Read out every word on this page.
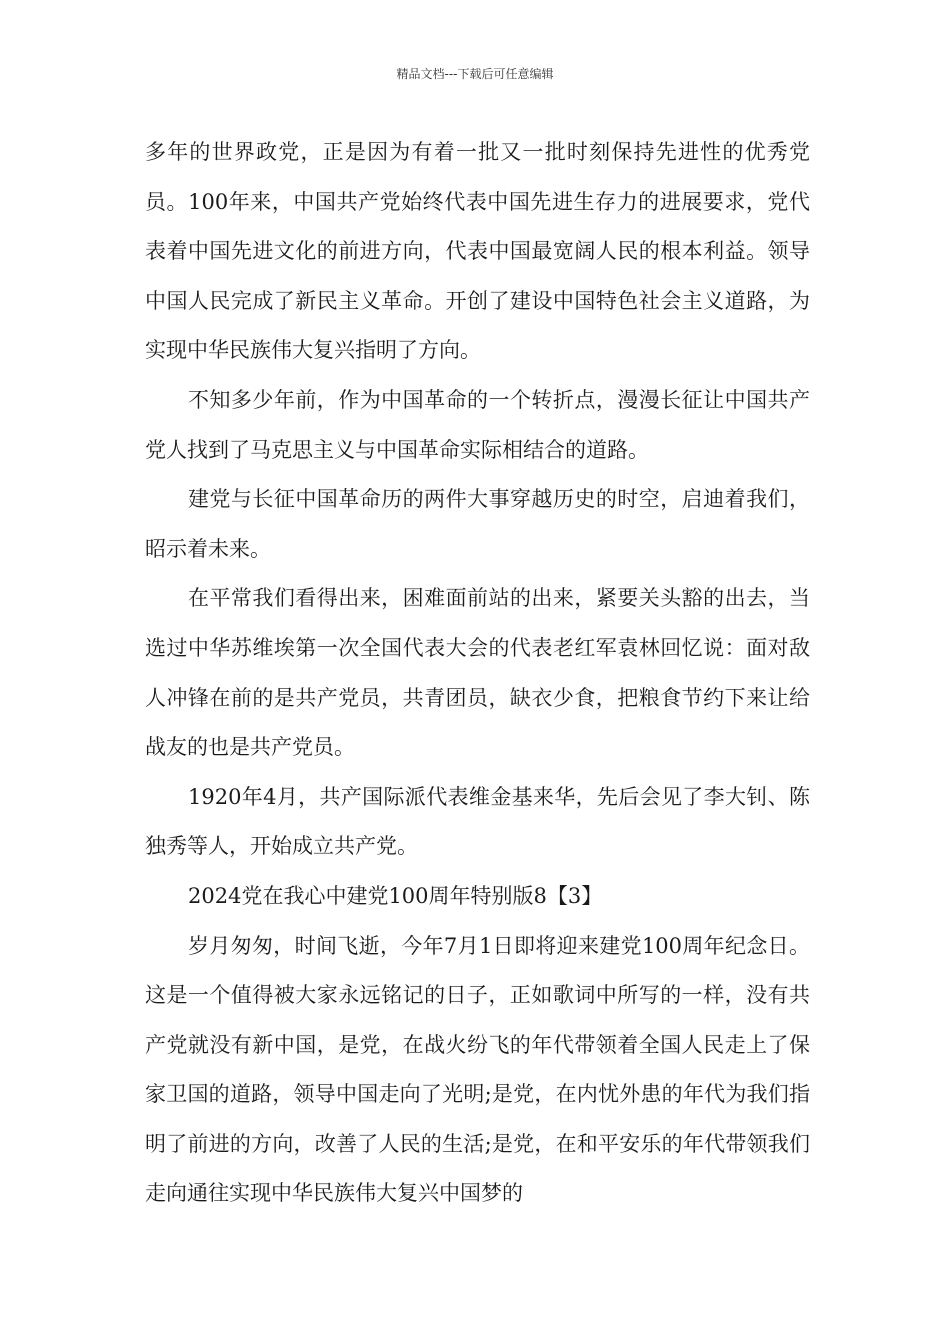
精品文档---下载后可任意编辑

多年的世界政党，正是因为有着一批又一批时刻保持先进性的优秀党员。100年来，中国共产党始终代表中国先进生存力的进展要求，党代表着中国先进文化的前进方向，代表中国最宽阔人民的根本利益。领导中国人民完成了新民主义革命。开创了建设中国特色社会主义道路，为实现中华民族伟大复兴指明了方向。

不知多少年前，作为中国革命的一个转折点，漫漫长征让中国共产党人找到了马克思主义与中国革命实际相结合的道路。

建党与长征中国革命历的两件大事穿越历史的时空，启迪着我们，昭示着未来。

在平常我们看得出来，困难面前站的出来，紧要关头豁的出去，当选过中华苏维埃第一次全国代表大会的代表老红军袁林回忆说：面对敌人冲锋在前的是共产党员，共青团员，缺衣少食，把粮食节约下来让给战友的也是共产党员。

1920年4月，共产国际派代表维金基来华，先后会见了李大钊、陈独秀等人，开始成立共产党。

2024党在我心中建党100周年特别版8【3】

岁月匆匆，时间飞逝，今年7月1日即将迎来建党100周年纪念日。这是一个值得被大家永远铭记的日子，正如歌词中所写的一样，没有共产党就没有新中国，是党，在战火纷飞的年代带领着全国人民走上了保家卫国的道路，领导中国走向了光明;是党，在内忧外患的年代为我们指明了前进的方向，改善了人民的生活;是党，在和平安乐的年代带领我们走向通往实现中华民族伟大复兴中国梦的
